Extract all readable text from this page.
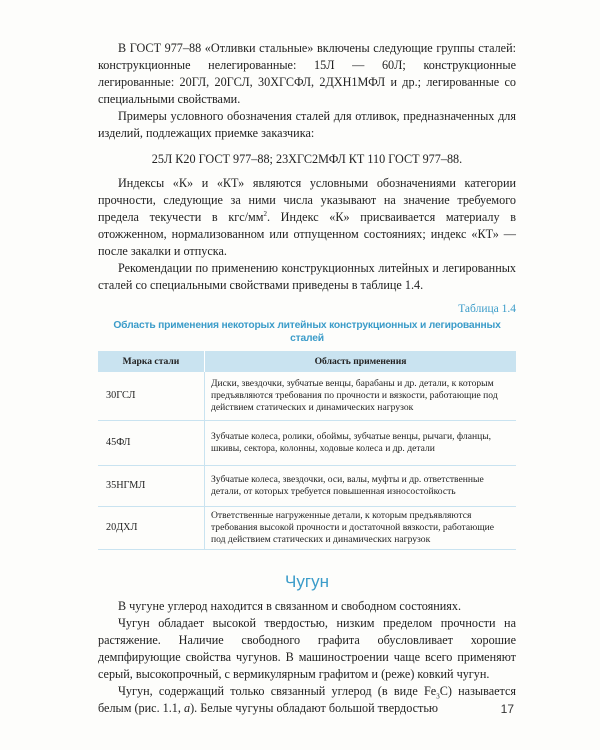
В ГОСТ 977–88 «Отливки стальные» включены следующие группы сталей: конструкционные нелегированные: 15Л — 60Л; конструкционные легированные: 20ГЛ, 20ГСЛ, 30ХГСФЛ, 2ДХН1МФЛ и др.; легированные со специальными свойствами.

Примеры условного обозначения сталей для отливок, предназначенных для изделий, подлежащих приемке заказчика:

25Л К20 ГОСТ 977–88; 23ХГС2МФЛ КТ 110 ГОСТ 977–88.

Индексы «К» и «КТ» являются условными обозначениями категории прочности, следующие за ними числа указывают на значение требуемого предела текучести в кгс/$мм^2$. Индекс «К» присваивается материалу в отожженном, нормализованном или отпущенном состояниях; индекс «КТ» — после закалки и отпуска.

Рекомендации по применению конструкционных литейных и легированных сталей со специальными свойствами приведены в таблице 1.4.

Таблица 1.4
Область применения некоторых литейных конструкционных и легированных сталей
Марка стали	Область применения
30ГСЛ	Диски, звездочки, зубчатые венцы, барабаны и др. детали, к которым предъявляются требования по прочности и вязкости, работающие под действием статических и динамических нагрузок
45ФЛ	Зубчатые колеса, ролики, обоймы, зубчатые венцы, рычаги, фланцы, шкивы, сектора, колонны, ходовые колеса и др. детали
35НГМЛ	Зубчатые колеса, звездочки, оси, валы, муфты и др. ответственные детали, от которых требуется повышенная износостойкость
20ДХЛ	Ответственные нагруженные детали, к которым предъявляются требования высокой прочности и достаточной вязкости, работающие под действием статических и динамических нагрузок
Чугун

В чугуне углерод находится в связанном и свободном состояниях.

Чугун обладает высокой твердостью, низким пределом прочности на растяжение. Наличие свободного графита обусловливает хорошие демпфирующие свойства чугунов. В машиностроении чаще всего применяют серый, высокопрочный, с вермикулярным графитом и (реже) ковкий чугун.

Чугун, содержащий только связанный углерод (в виде $Fe_3C$) называется белым (рис. 1.1, а). Белые чугуны обладают большой твердостью	17
